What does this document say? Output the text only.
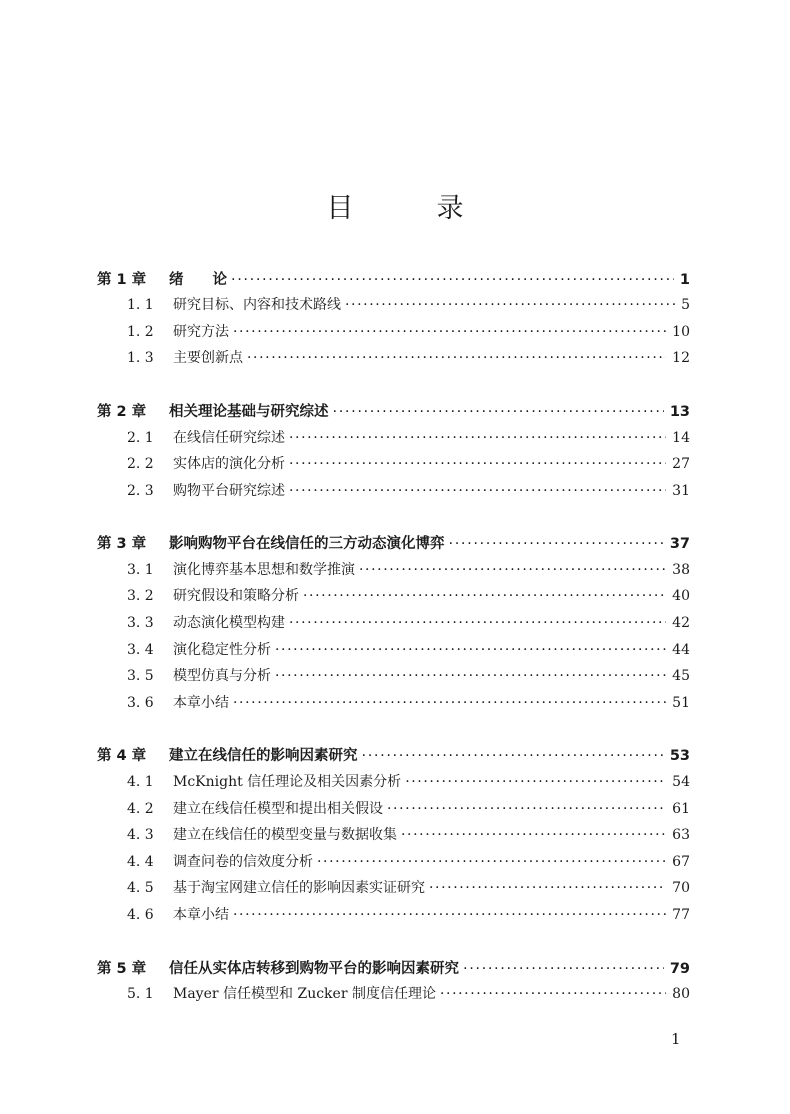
目　录
第 1 章	绪　　论 ·····	1
1. 1	研究目标、内容和技术路线 ·····	5
1. 2	研究方法 ·····	10
1. 3	主要创新点 ·····	12
第 2 章	相关理论基础与研究综述 ·····	13
2. 1	在线信任研究综述 ·····	14
2. 2	实体店的演化分析 ·····	27
2. 3	购物平台研究综述 ·····	31
第 3 章	影响购物平台在线信任的三方动态演化博弈 ·····	37
3. 1	演化博弈基本思想和数学推演 ·····	38
3. 2	研究假设和策略分析 ·····	40
3. 3	动态演化模型构建 ·····	42
3. 4	演化稳定性分析 ·····	44
3. 5	模型仿真与分析 ·····	45
3. 6	本章小结 ·····	51
第 4 章	建立在线信任的影响因素研究 ·····	53
4. 1	McKnight 信任理论及相关因素分析 ·····	54
4. 2	建立在线信任模型和提出相关假设 ·····	61
4. 3	建立在线信任的模型变量与数据收集 ·····	63
4. 4	调查问卷的信效度分析 ·····	67
4. 5	基于淘宝网建立信任的影响因素实证研究 ·····	70
4. 6	本章小结 ·····	77
第 5 章	信任从实体店转移到购物平台的影响因素研究 ·····	79
5. 1	Mayer 信任模型和 Zucker 制度信任理论 ·····	80
1
